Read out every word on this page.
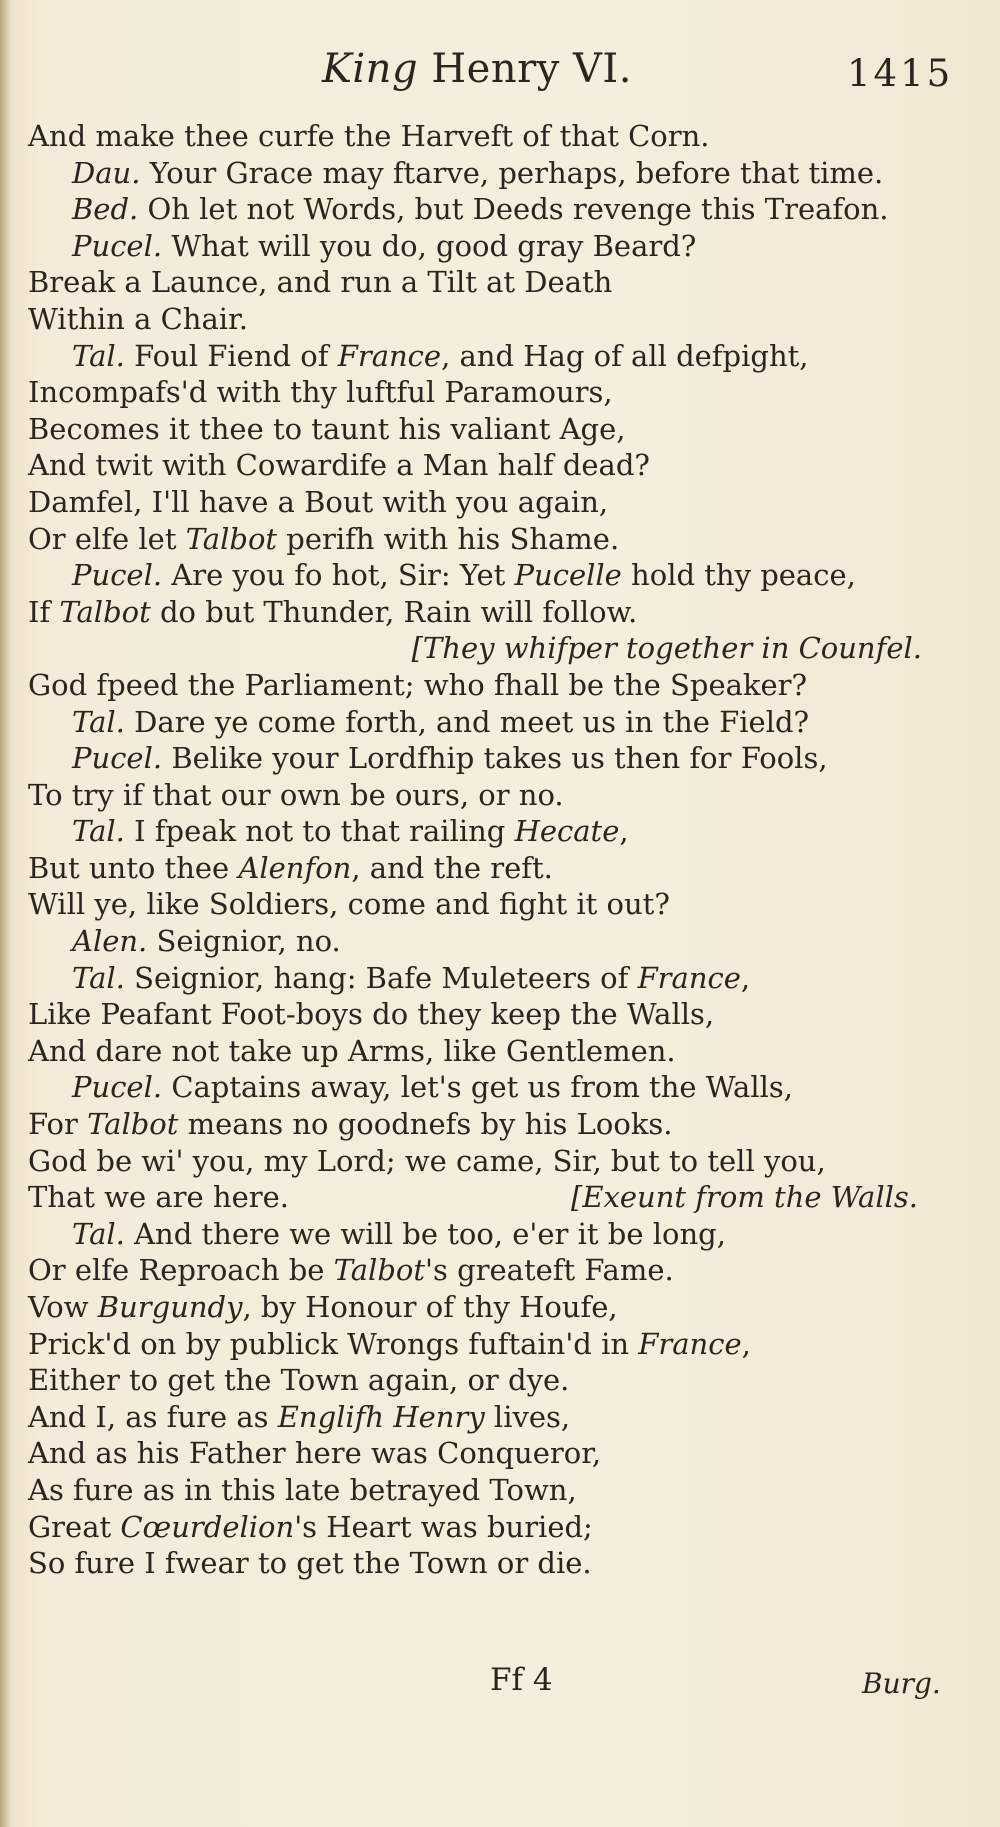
King Henry VI.	1415
And make thee curfe the Harveft of that Corn.
Dau. Your Grace may ftarve, perhaps, before that time.
Bed. Oh let not Words, but Deeds revenge this Treafon.
Pucel. What will you do, good gray Beard?
Break a Launce, and run a Tilt at Death
Within a Chair.
Tal. Foul Fiend of France, and Hag of all defpight,
Incompafs'd with thy luftful Paramours,
Becomes it thee to taunt his valiant Age,
And twit with Cowardife a Man half dead?
Damfel, I'll have a Bout with you again,
Or elfe let Talbot perifh with his Shame.
Pucel. Are you fo hot, Sir: Yet Pucelle hold thy peace,
If Talbot do but Thunder, Rain will follow.
[They whifper together in Counfel.
God fpeed the Parliament; who fhall be the Speaker?
Tal. Dare ye come forth, and meet us in the Field?
Pucel. Belike your Lordfhip takes us then for Fools,
To try if that our own be ours, or no.
Tal. I fpeak not to that railing Hecate,
But unto thee Alenfon, and the reft.
Will ye, like Soldiers, come and fight it out?
Alen. Seignior, no.
Tal. Seignior, hang: Bafe Muleteers of France,
Like Peafant Foot-boys do they keep the Walls,
And dare not take up Arms, like Gentlemen.
Pucel. Captains away, let's get us from the Walls,
For Talbot means no goodnefs by his Looks.
God be wi' you, my Lord; we came, Sir, but to tell you,
That we are here.	[Exeunt from the Walls.
Tal. And there we will be too, e'er it be long,
Or elfe Reproach be Talbot's greateft Fame.
Vow Burgundy, by Honour of thy Houfe,
Prick'd on by publick Wrongs fuftain'd in France,
Either to get the Town again, or dye.
And I, as fure as Englifh Henry lives,
And as his Father here was Conqueror,
As fure as in this late betrayed Town,
Great Cœurdelion's Heart was buried;
So fure I fwear to get the Town or die.
Ff 4	Burg.
